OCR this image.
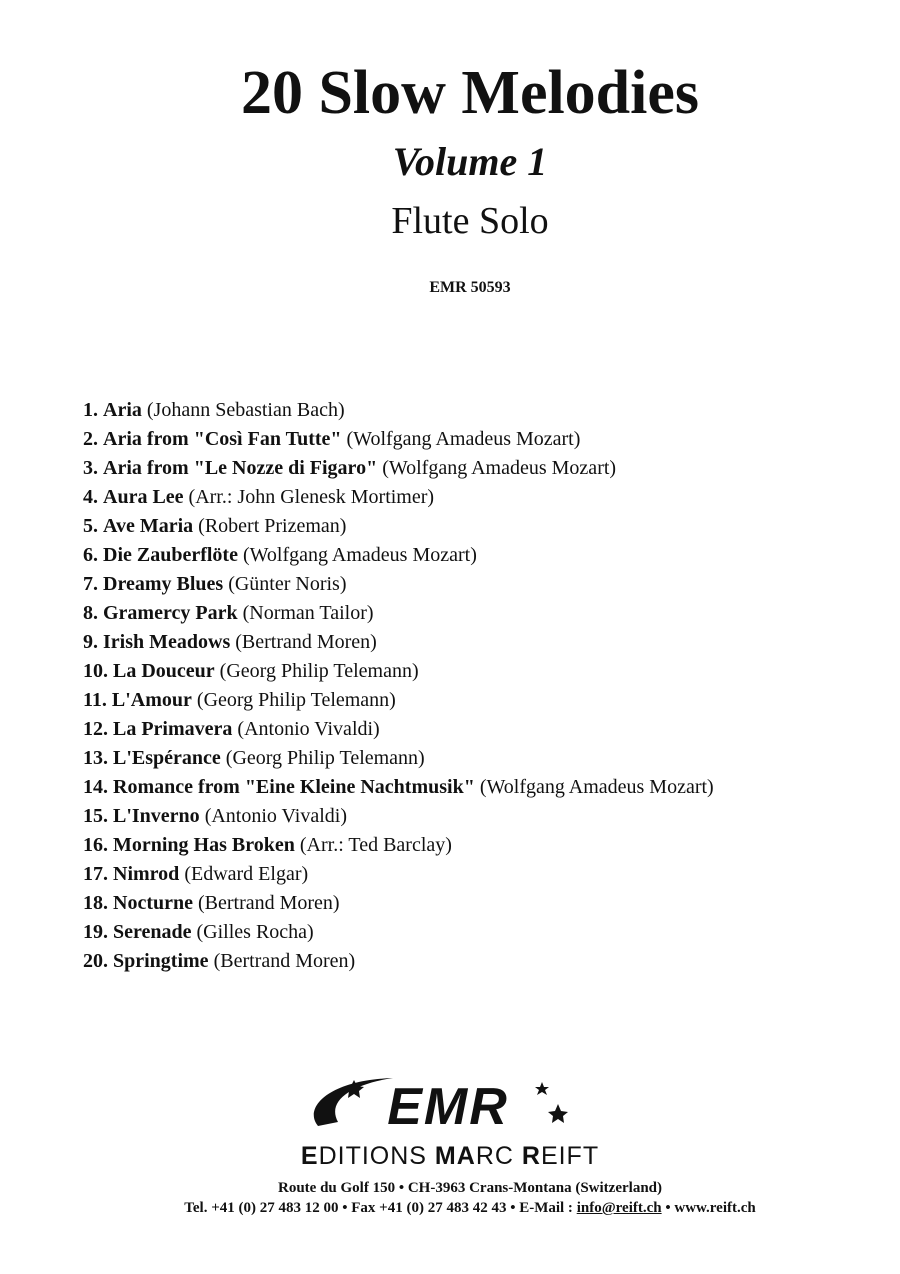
20 Slow Melodies
Volume 1
Flute Solo
EMR 50593
1. Aria (Johann Sebastian Bach)
2. Aria from "Così Fan Tutte" (Wolfgang Amadeus Mozart)
3. Aria from "Le Nozze di Figaro" (Wolfgang Amadeus Mozart)
4. Aura Lee (Arr.: John Glenesk Mortimer)
5. Ave Maria (Robert Prizeman)
6. Die Zauberflöte (Wolfgang Amadeus Mozart)
7. Dreamy Blues (Günter Noris)
8. Gramercy Park (Norman Tailor)
9. Irish Meadows (Bertrand Moren)
10. La Douceur (Georg Philip Telemann)
11. L'Amour (Georg Philip Telemann)
12. La Primavera (Antonio Vivaldi)
13. L'Espérance (Georg Philip Telemann)
14. Romance from "Eine Kleine Nachtmusik" (Wolfgang Amadeus Mozart)
15. L'Inverno (Antonio Vivaldi)
16. Morning Has Broken (Arr.: Ted Barclay)
17. Nimrod (Edward Elgar)
18. Nocturne (Bertrand Moren)
19. Serenade (Gilles Rocha)
20. Springtime (Bertrand Moren)
EMR
EDITIONS MARC REIFT
Route du Golf 150 • CH-3963 Crans-Montana (Switzerland)
Tel. +41 (0) 27 483 12 00 • Fax +41 (0) 27 483 42 43 • E-Mail : info@reift.ch • www.reift.ch
